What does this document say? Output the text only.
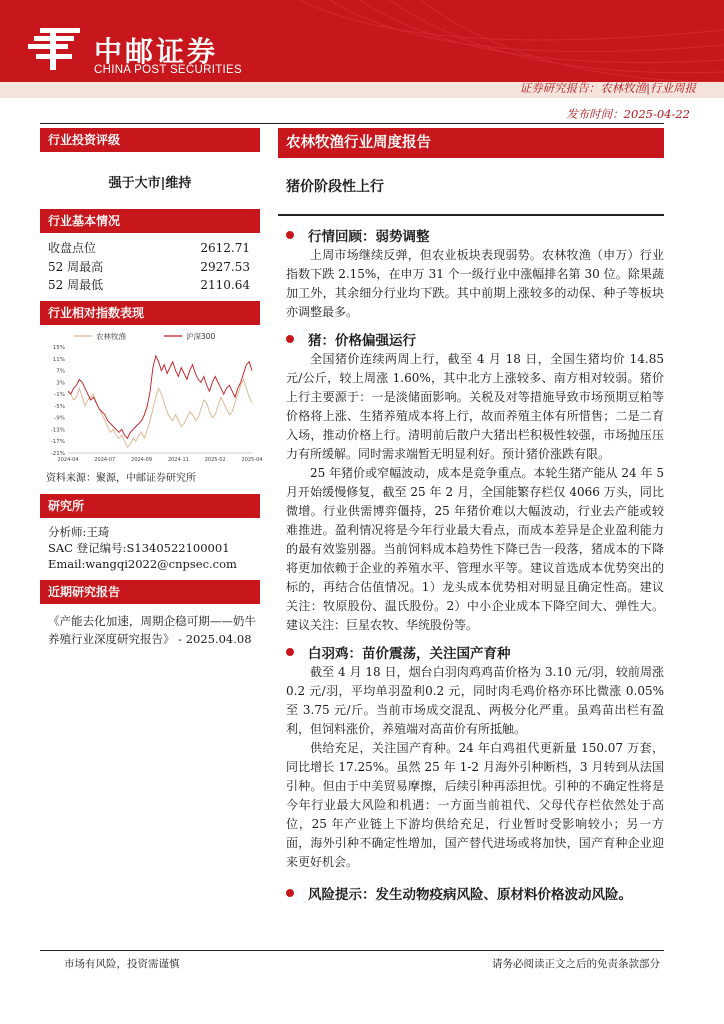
中邮证券
CHINA POST SECURITIES
证券研究报告：农林牧渔|行业周报
发布时间：2025-04-22
行业投资评级
强于大市|维持
行业基本情况
收盘点位	2612.71
52 周最高	2927.53
52 周最低	2110.64
行业相对指数表现
农林牧渔	沪深300
15%
11%
7%
3%
-1%
-5%
-9%
-13%
-17%
-21%
2024-04	2024-07	2024-09	2024-11	2025-02	2025-04
资料来源：聚源，中邮证券研究所
研究所
分析师:王琦
SAC 登记编号:S1340522100001
Email:wangqi2022@cnpsec.com
近期研究报告
《产能去化加速，周期企稳可期——奶牛养殖行业深度研究报告》 - 2025.04.08
农林牧渔行业周度报告
猪价阶段性上行
行情回顾：弱势调整
上周市场继续反弹，但农业板块表现弱势。农林牧渔（申万）行业指数下跌 2.15%，在申万 31 个一级行业中涨幅排名第 30 位。除果蔬加工外，其余细分行业均下跌。其中前期上涨较多的动保、种子等板块亦调整最多。
猪：价格偏强运行
全国猪价连续两周上行，截至 4 月 18 日，全国生猪均价 14.85 元/公斤，较上周涨 1.60%，其中北方上涨较多、南方相对较弱。猪价上行主要源于：一是淡储面影响。关税及对等措施导致市场预期豆粕等价格将上涨、生猪养殖成本将上行，故而养殖主体有所惜售；二是二育入场，推动价格上行。清明前后散户大猪出栏积极性较强，市场抛压压力有所缓解。同时需求端暂无明显利好。预计猪价涨跌有限。
25 年猪价或窄幅波动，成本是竞争重点。本轮生猪产能从 24 年 5 月开始缓慢修复，截至 25 年 2 月，全国能繁存栏仅 4066 万头，同比微增。行业供需博弈僵持，25 年猪价难以大幅波动，行业去产能或较难推进。盈利情况将是今年行业最大看点，而成本差异是企业盈利能力的最有效鉴别器。当前饲料成本趋势性下降已告一段落，猪成本的下降将更加依赖于企业的养殖水平、管理水平等。建议首选成本优势突出的标的，再结合估值情况。1）龙头成本优势相对明显且确定性高。建议关注：牧原股份、温氏股份。2）中小企业成本下降空间大、弹性大。建议关注：巨星农牧、华统股份等。
白羽鸡：苗价震荡，关注国产育种
截至 4 月 18 日，烟台白羽肉鸡鸡苗价格为 3.10 元/羽，较前周涨0.2 元/羽，平均单羽盈利0.2 元，同时肉毛鸡价格亦环比微涨 0.05% 至 3.75 元/斤。当前市场成交混乱、两极分化严重。虽鸡苗出栏有盈利，但饲料涨价，养殖端对高苗价有所抵触。
供给充足，关注国产育种。24 年白鸡祖代更新量 150.07 万套，同比增长 17.25%。虽然 25 年 1-2 月海外引种断档，3 月转到从法国引种。但由于中美贸易摩擦，后续引种再添担忧。引种的不确定性将是今年行业最大风险和机遇：一方面当前祖代、父母代存栏依然处于高位，25 年产业链上下游均供给充足，行业暂时受影响较小；另一方面，海外引种不确定性增加，国产替代进场或将加快，国产育种企业迎来更好机会。
风险提示：发生动物疫病风险、原材料价格波动风险。
市场有风险，投资需谨慎	请务必阅读正文之后的免责条款部分
